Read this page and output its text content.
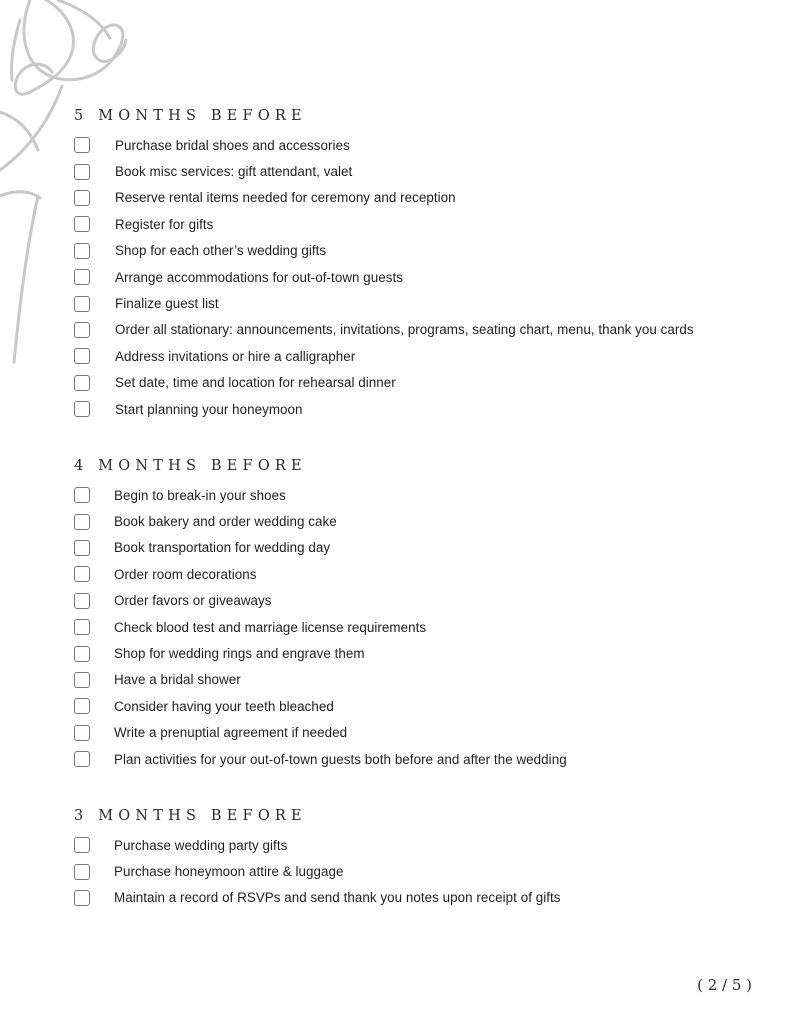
5 MONTHS BEFORE
Purchase bridal shoes and accessories
Book misc services: gift attendant, valet
Reserve rental items needed for ceremony and reception
Register for gifts
Shop for each other’s wedding gifts
Arrange accommodations for out-of-town guests
Finalize guest list
Order all stationary: announcements, invitations, programs, seating chart, menu, thank you cards
Address invitations or hire a calligrapher
Set date, time and location for rehearsal dinner
Start planning your honeymoon
4 MONTHS BEFORE
Begin to break-in your shoes
Book bakery and order wedding cake
Book transportation for wedding day
Order room decorations
Order favors or giveaways
Check blood test and marriage license requirements
Shop for wedding rings and engrave them
Have a bridal shower
Consider having your teeth bleached
Write a prenuptial agreement if needed
Plan activities for your out-of-town guests both before and after the wedding
3 MONTHS BEFORE
Purchase wedding party gifts
Purchase honeymoon attire & luggage
Maintain a record of RSVPs and send thank you notes upon receipt of gifts
( 2 / 5 )
